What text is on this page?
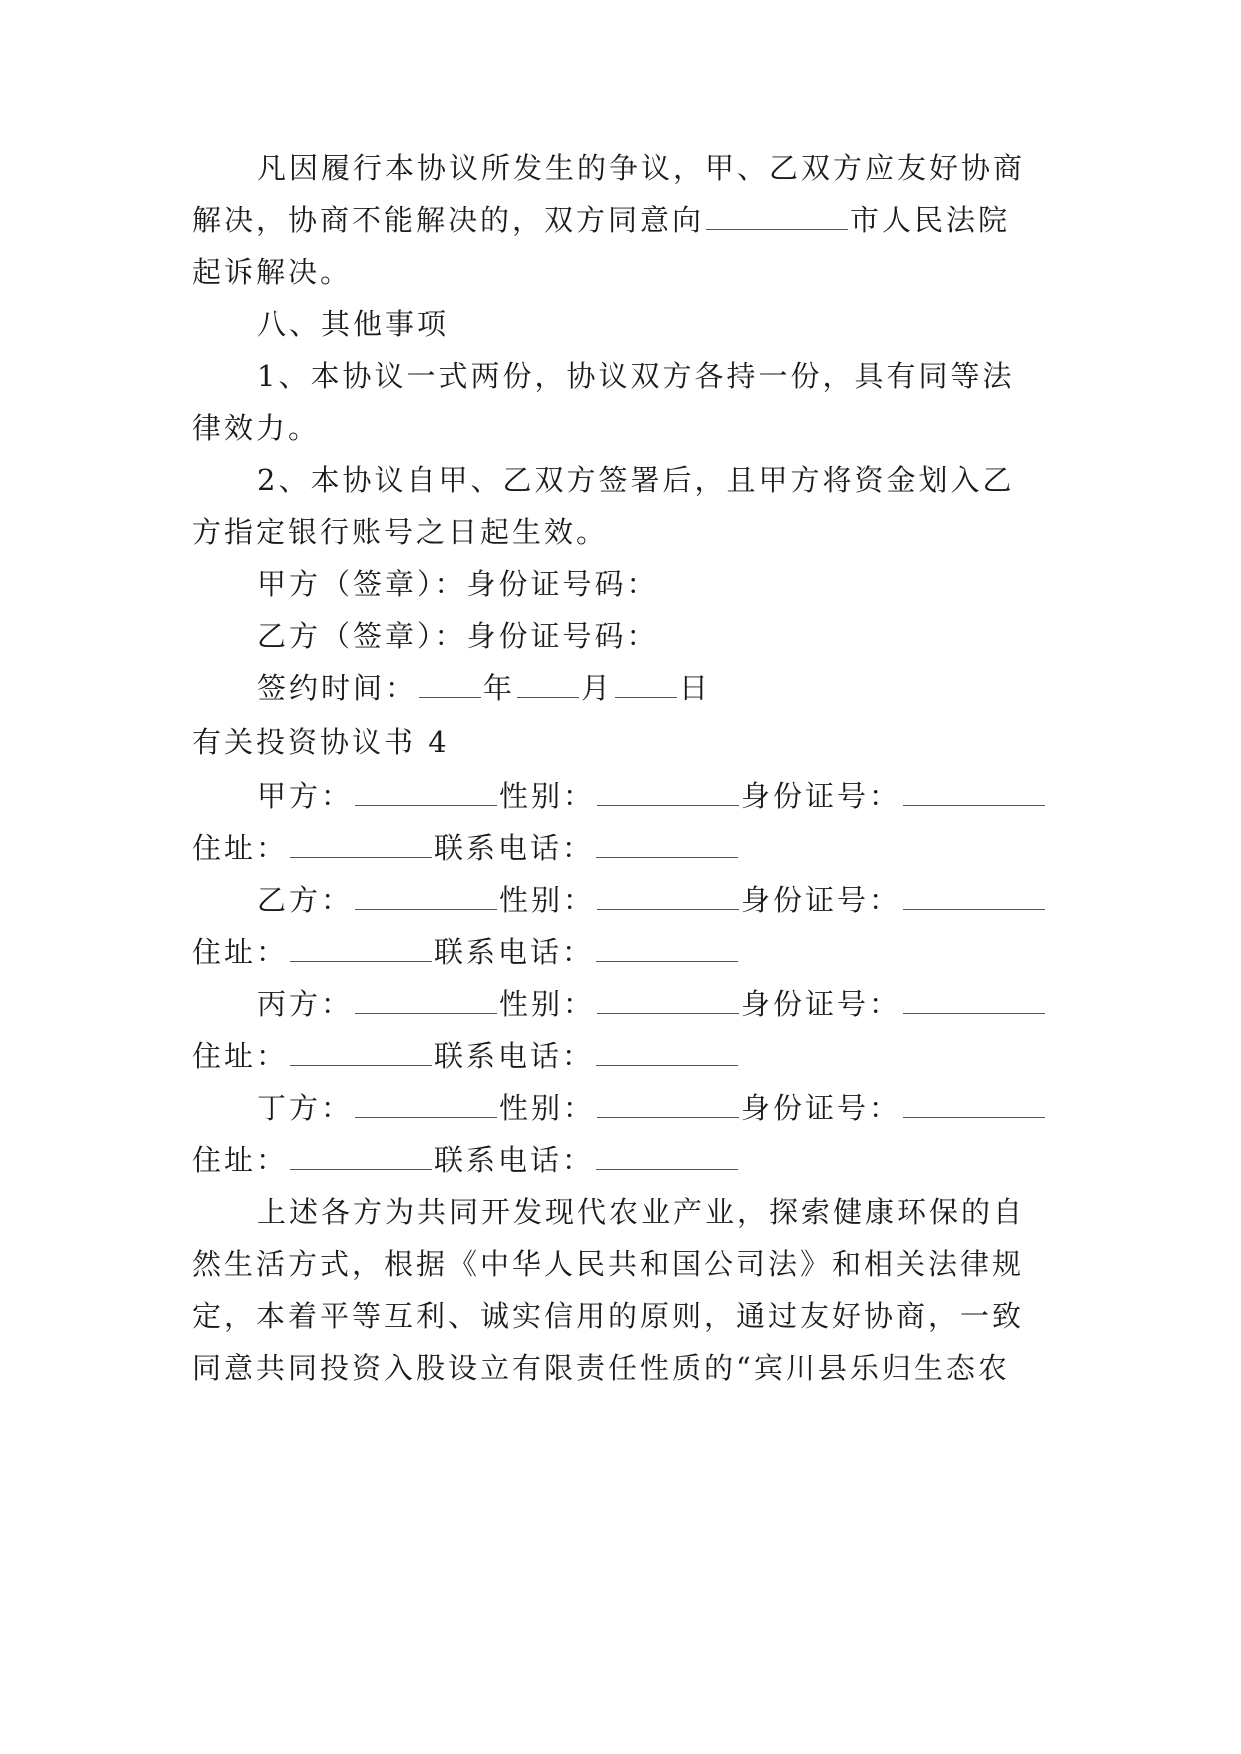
凡因履行本协议所发生的争议，甲、乙双方应友好协商
解决，协商不能解决的，双方同意向	市人民法院
起诉解决。
八、其他事项
1、本协议一式两份，协议双方各持一份，具有同等法
律效力。
2、本协议自甲、乙双方签署后，且甲方将资金划入乙
方指定银行账号之日起生效。
甲方（签章）：身份证号码：
乙方（签章）：身份证号码：
签约时间： 年 月 日
有关投资协议书 4
甲方：	性别：	身份证号：
住址：	联系电话：
乙方：	性别：	身份证号：
住址：	联系电话：
丙方：	性别：	身份证号：
住址：	联系电话：
丁方：	性别：	身份证号：
住址：	联系电话：
上述各方为共同开发现代农业产业，探索健康环保的自
然生活方式，根据《中华人民共和国公司法》和相关法律规
定，本着平等互利、诚实信用的原则，通过友好协商，一致
同意共同投资入股设立有限责任性质的“宾川县乐归生态农
